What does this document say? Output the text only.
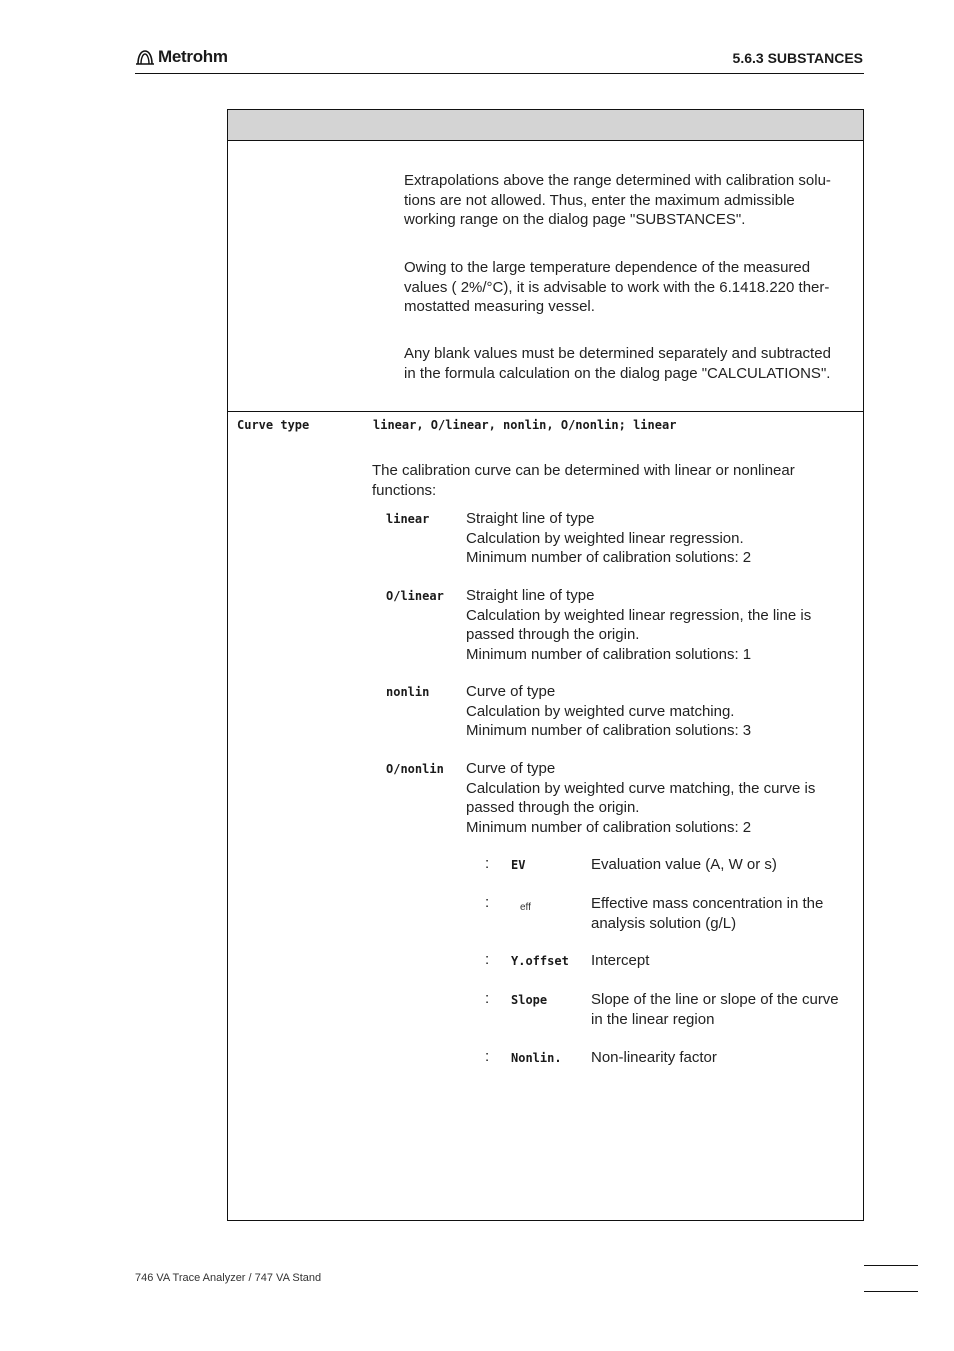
Metrohm	5.6.3 SUBSTANCES
Extrapolations above the range determined with calibration solu-
tions are not allowed. Thus, enter the maximum admissible
working range on the dialog page "SUBSTANCES".
Owing to the large temperature dependence of the measured
values ( 2%/°C), it is advisable to work with the 6.1418.220 ther-
mostatted measuring vessel.
Any blank values must be determined separately and subtracted
in the formula calculation on the dialog page "CALCULATIONS".
Curve type	linear, O/linear, nonlin, O/nonlin; linear
The calibration curve can be determined with linear or nonlinear
functions:
linear Straight line of type
Calculation by weighted linear regression.
Minimum number of calibration solutions: 2
O/linear Straight line of type
Calculation by weighted linear regression, the line is
passed through the origin.
Minimum number of calibration solutions: 1
nonlin Curve of type
Calculation by weighted curve matching.
Minimum number of calibration solutions: 3
O/nonlin Curve of type
Calculation by weighted curve matching, the curve is
passed through the origin.
Minimum number of calibration solutions: 2
: EV	Evaluation value (A, W or s)
:	eff	Effective mass concentration in the
analysis solution (g/L)
: Y.offset Intercept
: Slope	Slope of the line or slope of the curve
in the linear region
: Nonlin. Non-linearity factor
746 VA Trace Analyzer / 747 VA Stand
